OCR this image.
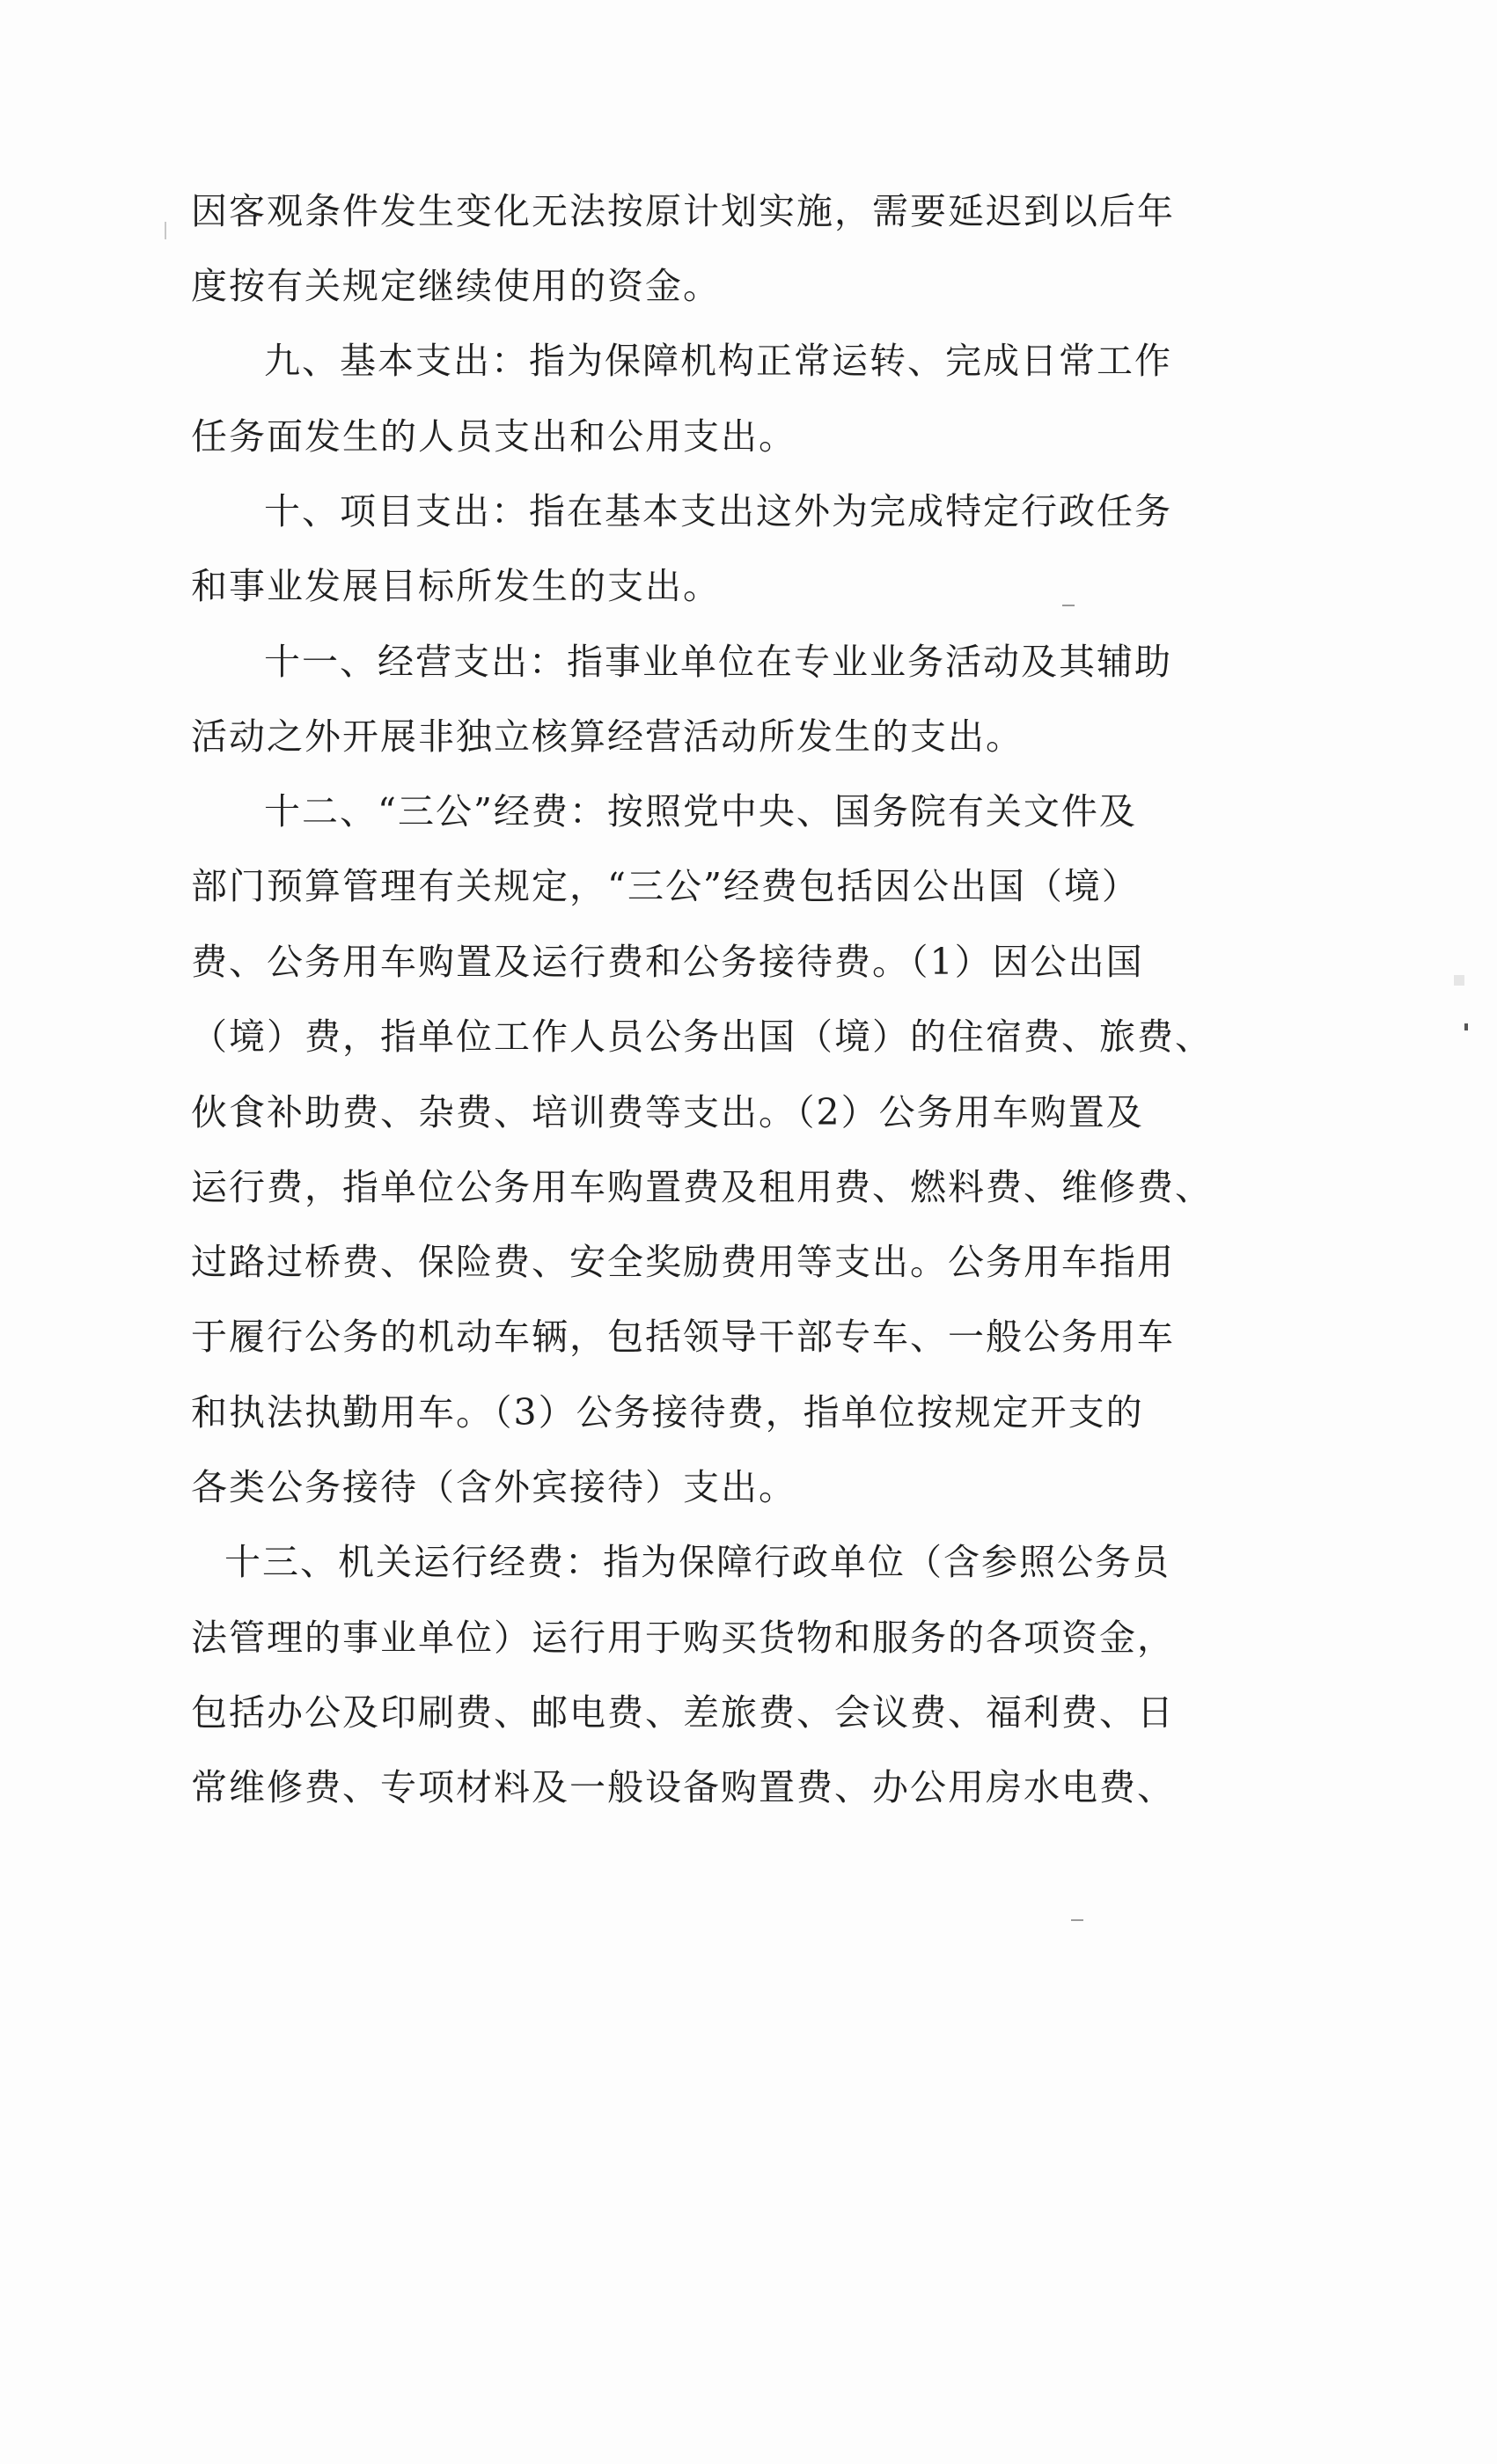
因客观条件发生变化无法按原计划实施，需要延迟到以后年
度按有关规定继续使用的资金。
九、基本支出：指为保障机构正常运转、完成日常工作
任务面发生的人员支出和公用支出。
十、项目支出：指在基本支出这外为完成特定行政任务
和事业发展目标所发生的支出。
十一、经营支出：指事业单位在专业业务活动及其辅助
活动之外开展非独立核算经营活动所发生的支出。
十二、“三公”经费：按照党中央、国务院有关文件及
部门预算管理有关规定，“三公”经费包括因公出国（境）
费、公务用车购置及运行费和公务接待费。（1）因公出国
（境）费，指单位工作人员公务出国（境）的住宿费、旅费、
伙食补助费、杂费、培训费等支出。（2）公务用车购置及
运行费，指单位公务用车购置费及租用费、燃料费、维修费、
过路过桥费、保险费、安全奖励费用等支出。公务用车指用
于履行公务的机动车辆，包括领导干部专车、一般公务用车
和执法执勤用车。（3）公务接待费，指单位按规定开支的
各类公务接待（含外宾接待）支出。
十三、机关运行经费：指为保障行政单位（含参照公务员
法管理的事业单位）运行用于购买货物和服务的各项资金，
包括办公及印刷费、邮电费、差旅费、会议费、福利费、日
常维修费、专项材料及一般设备购置费、办公用房水电费、
